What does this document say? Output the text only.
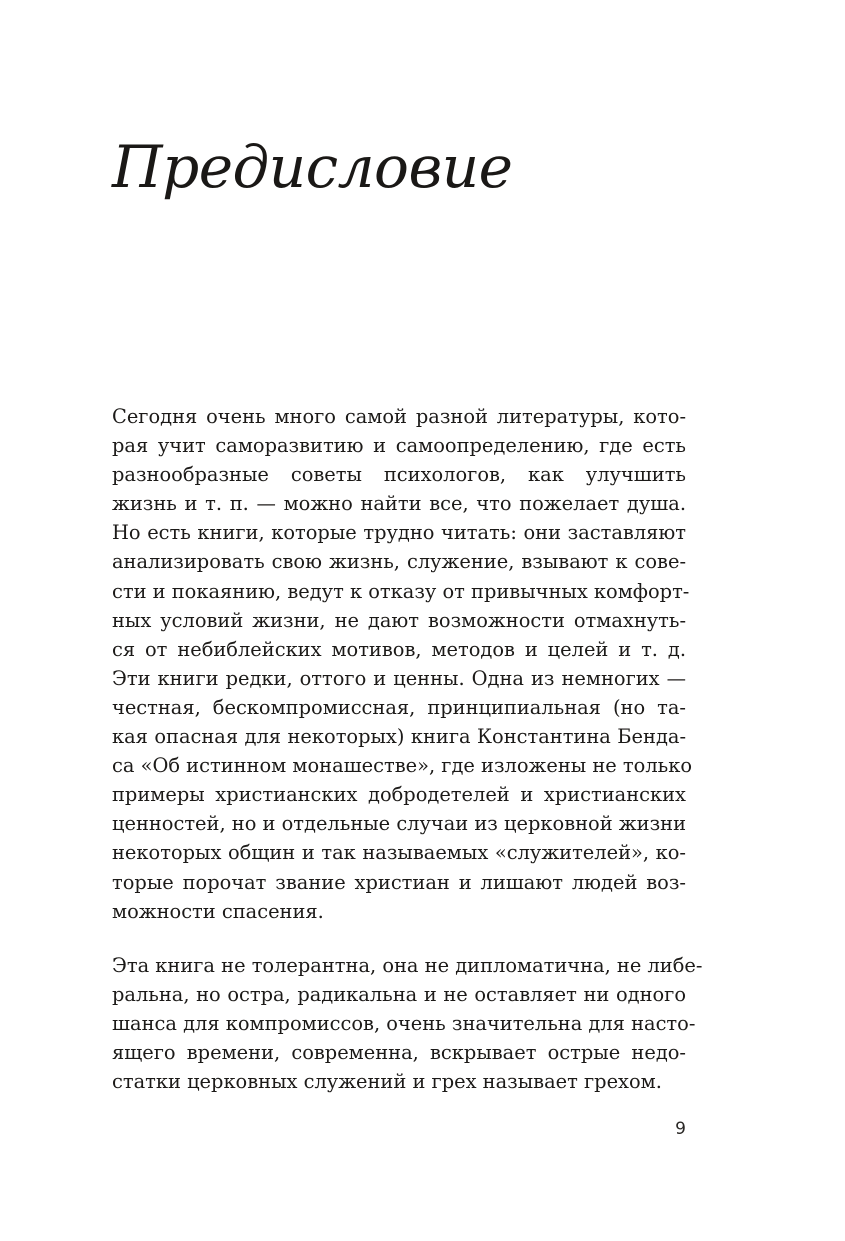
Предисловие
Сегодня очень много самой разной литературы, кото-
рая учит саморазвитию и самоопределению, где есть
разнообразные советы психологов, как улучшить
жизнь и т. п. — можно найти все, что пожелает душа.
Но есть книги, которые трудно читать: они заставляют
анализировать свою жизнь, служение, взывают к сове-
сти и покаянию, ведут к отказу от привычных комфорт-
ных условий жизни, не дают возможности отмахнуть-
ся от небиблейских мотивов, методов и целей и т. д.
Эти книги редки, оттого и ценны. Одна из немногих —
честная, бескомпромиссная, принципиальная (но та-
кая опасная для некоторых) книга Константина Бенда-
са «Об истинном монашестве», где изложены не только
примеры христианских добродетелей и христианских
ценностей, но и отдельные случаи из церковной жизни
некоторых общин и так называемых «служителей», ко-
торые порочат звание христиан и лишают людей воз-
можности спасения.
Эта книга не толерантна, она не дипломатична, не либе-
ральна, но остра, радикальна и не оставляет ни одного
шанса для компромиссов, очень значительна для насто-
ящего времени, современна, вскрывает острые недо-
статки церковных служений и грех называет грехом.
9
